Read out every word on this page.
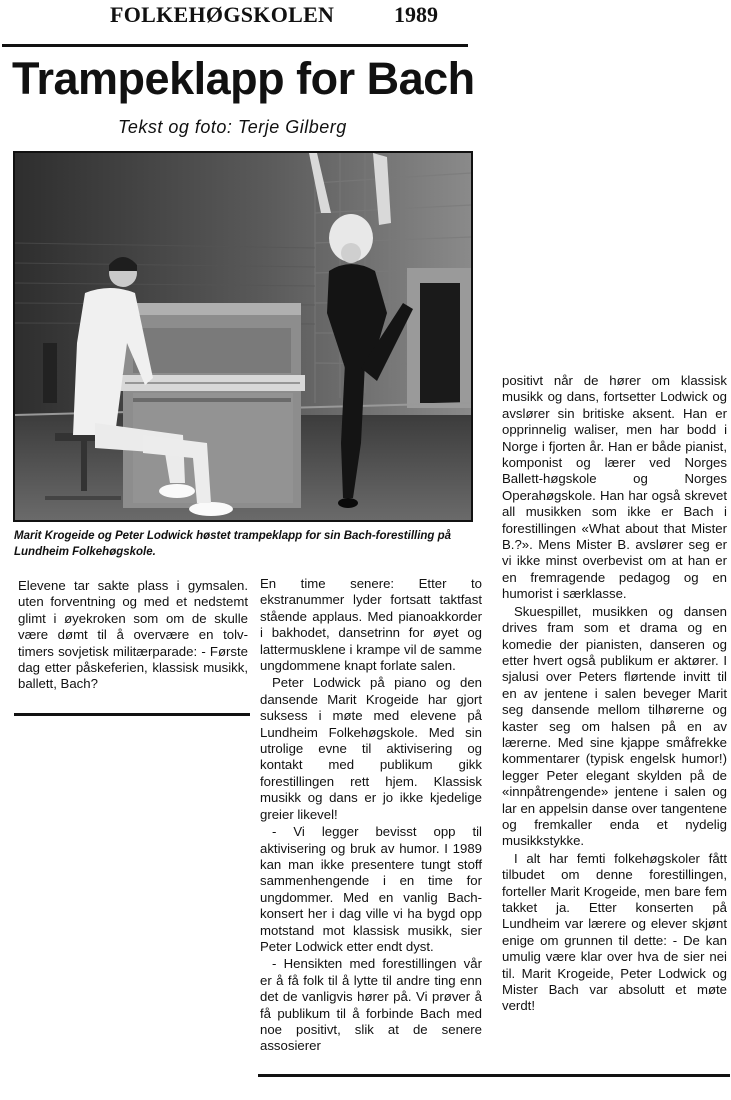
FOLKEHØGSKOLEN	1989
Trampeklapp for Bach
Tekst og foto: Terje Gilberg

Marit Krogeide og Peter Lodwick høstet trampeklapp for sin Bach-forestilling på Lundheim Folkehøgskole.

Elevene tar sakte plass i gymsalen. uten forventning og med et nedstemt glimt i øyekroken som om de skulle være dømt til å overvære en tolv-timers sovjetisk militærparade: - Første dag etter påskeferien, klassisk musikk, ballett, Bach?

En time senere: Etter to ekstranummer lyder fortsatt taktfast stående applaus. Med pianoakkorder i bakhodet, dansetrinn for øyet og lattermusklene i krampe vil de samme ungdommene knapt forlate salen.

Peter Lodwick på piano og den dansende Marit Krogeide har gjort suksess i møte med elevene på Lundheim Folkehøgskole. Med sin utrolige evne til aktivisering og kontakt med publikum gikk forestillingen rett hjem. Klassisk musikk og dans er jo ikke kjedelige greier likevel!

- Vi legger bevisst opp til aktivisering og bruk av humor. I 1989 kan man ikke presentere tungt stoff sammenhengende i en time for ungdommer. Med en vanlig Bach-konsert her i dag ville vi ha bygd opp motstand mot klassisk musikk, sier Peter Lodwick etter endt dyst.

- Hensikten med forestillingen vår er å få folk til å lytte til andre ting enn det de vanligvis hører på. Vi prøver å få publikum til å forbinde Bach med noe positivt, slik at de senere assosierer

positivt når de hører om klassisk musikk og dans, fortsetter Lodwick og avslører sin britiske aksent. Han er opprinnelig waliser, men har bodd i Norge i fjorten år. Han er både pianist, komponist og lærer ved Norges Ballett-høgskole og Norges Operahøgskole. Han har også skrevet all musikken som ikke er Bach i forestillingen «What about that Mister B.?». Mens Mister B. avslører seg er vi ikke minst overbevist om at han er en fremragende pedagog og en humorist i særklasse.

Skuespillet, musikken og dansen drives fram som et drama og en komedie der pianisten, danseren og etter hvert også publikum er aktører. I sjalusi over Peters flørtende invitt til en av jentene i salen beveger Marit seg dansende mellom tilhørerne og kaster seg om halsen på en av lærerne. Med sine kjappe småfrekke kommentarer (typisk engelsk humor!) legger Peter elegant skylden på de «innpåtrengende» jentene i salen og lar en appelsin danse over tangentene og fremkaller enda et nydelig musikkstykke.

I alt har femti folkehøgskoler fått tilbudet om denne forestillingen, forteller Marit Krogeide, men bare fem takket ja. Etter konserten på Lundheim var lærere og elever skjønt enige om grunnen til dette: - De kan umulig være klar over hva de sier nei til. Marit Krogeide, Peter Lodwick og Mister Bach var absolutt et møte verdt!
